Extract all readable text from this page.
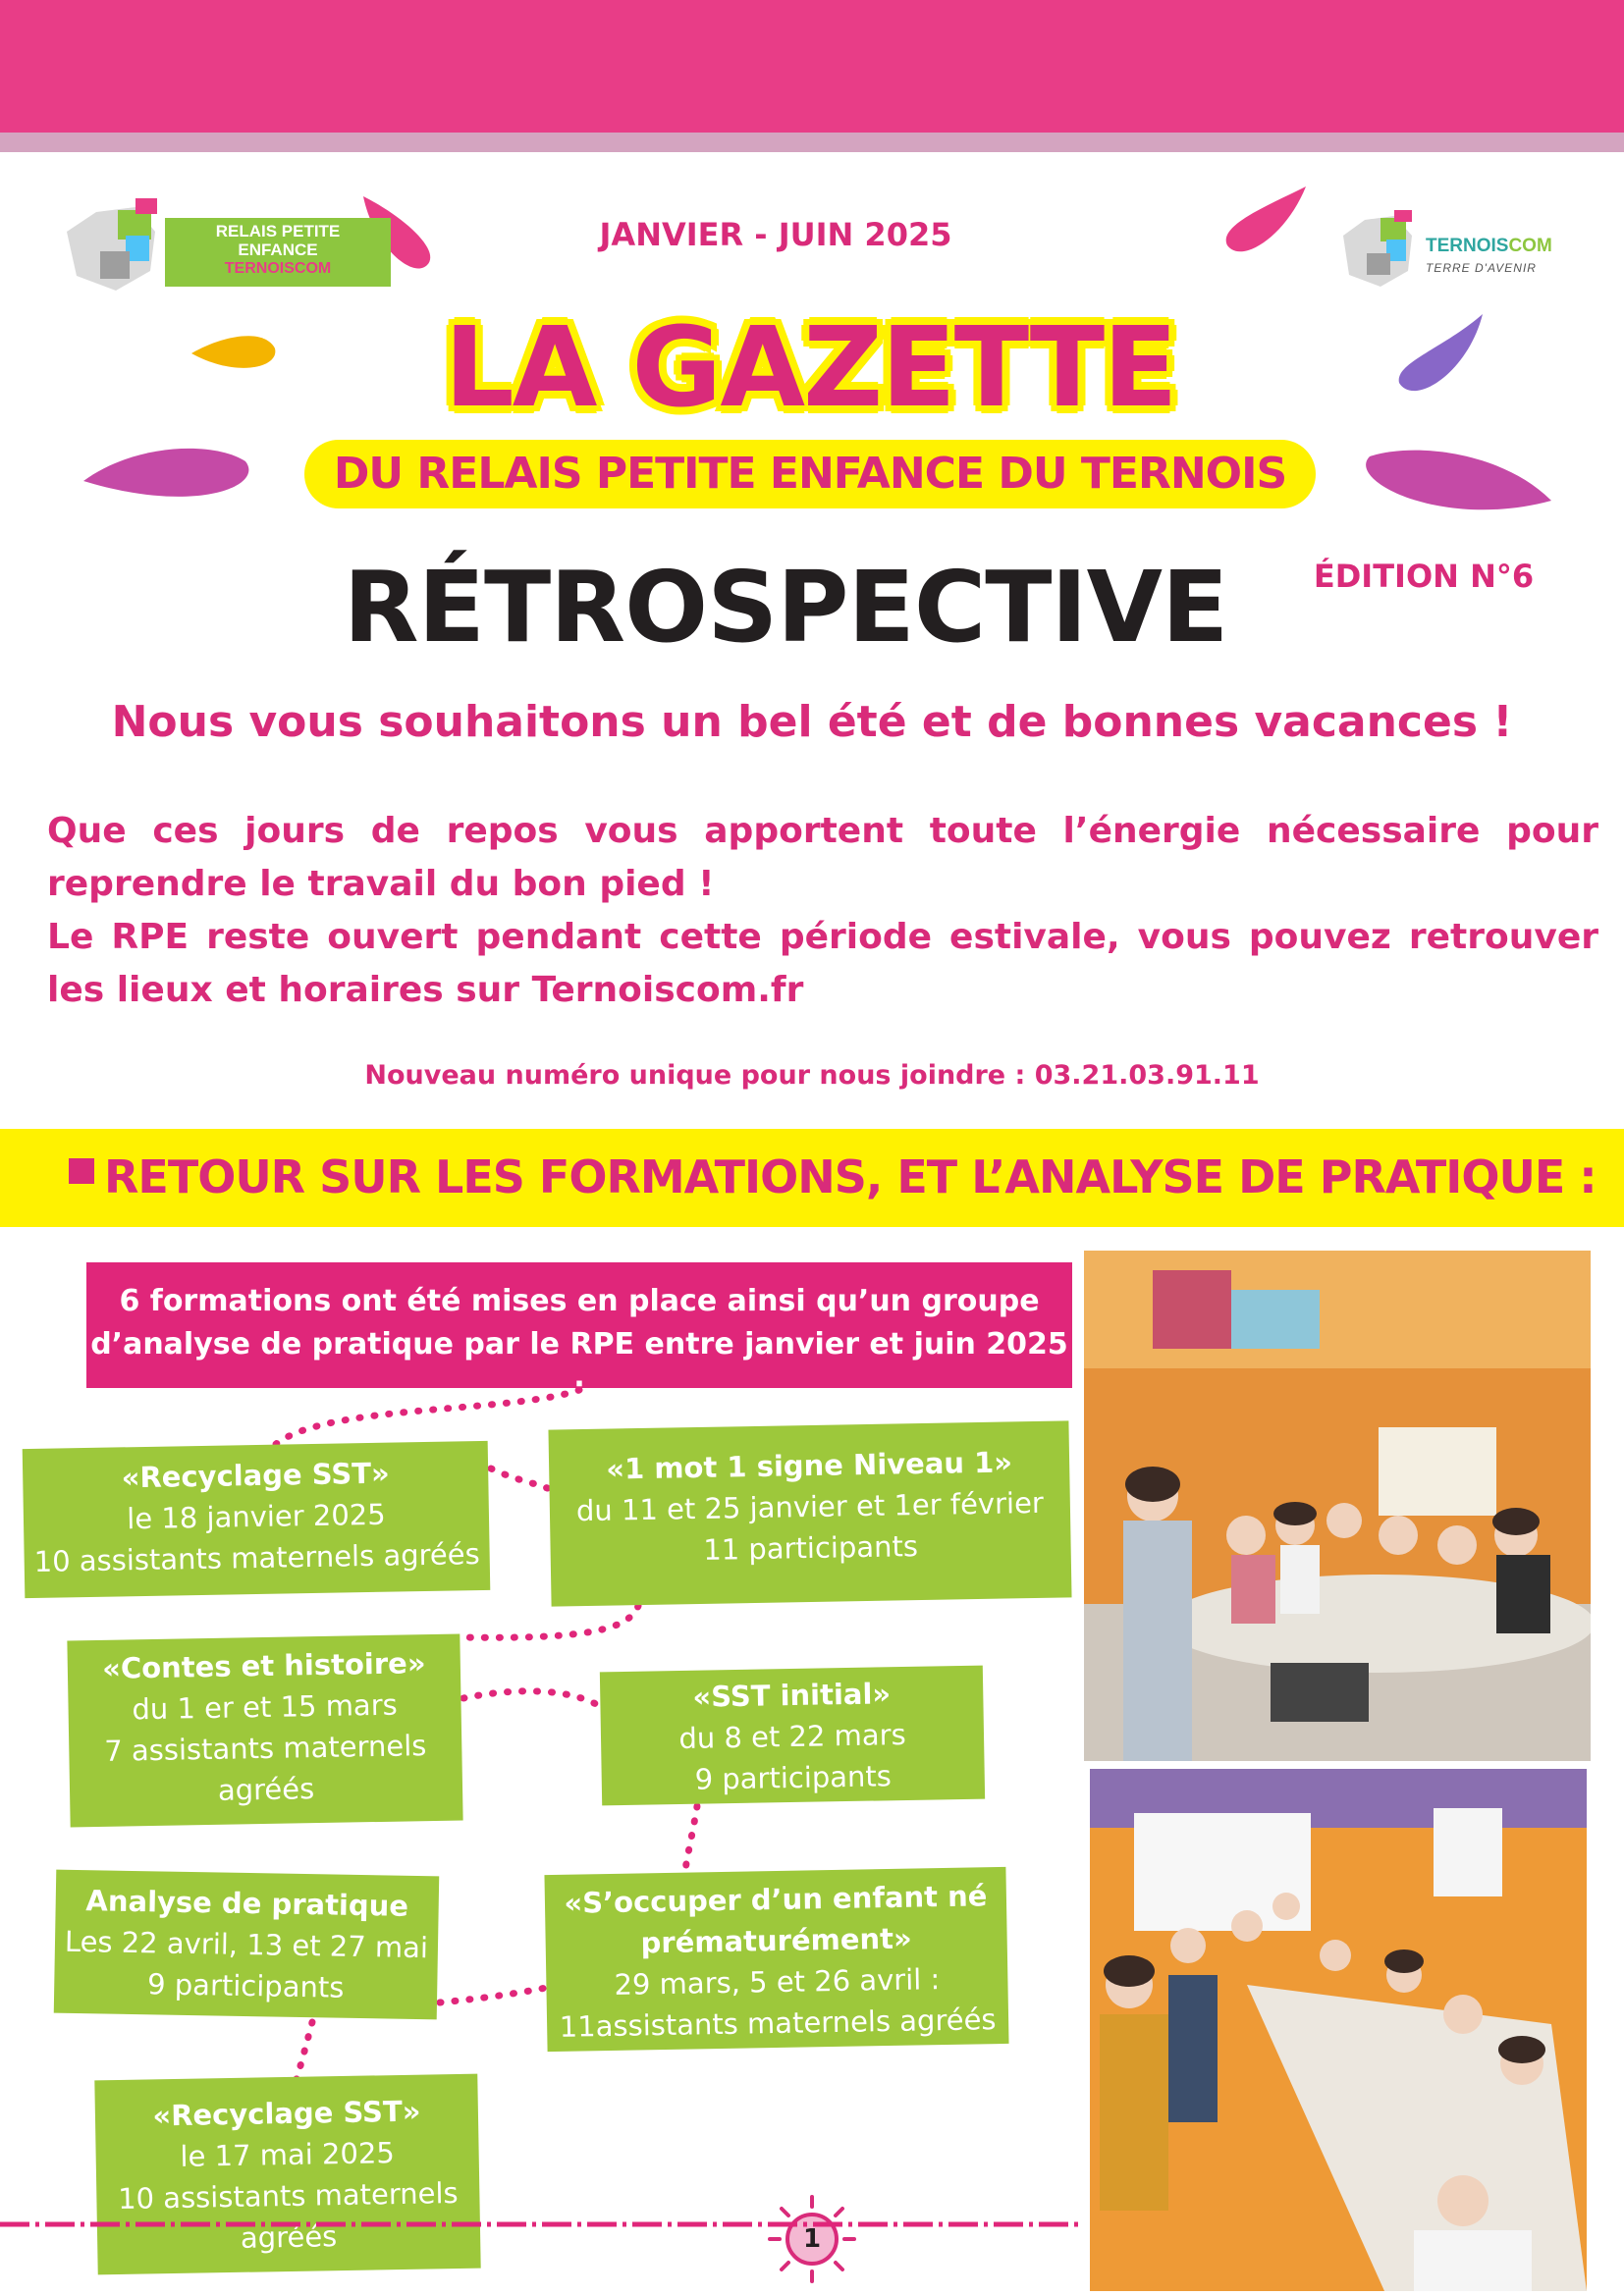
RELAIS PETITE
ENFANCE
TERNOISCOM
TERNOISCOM
TERRE D'AVENIR
JANVIER - JUIN 2025
LA GAZETTE
DU RELAIS PETITE ENFANCE DU TERNOIS
RÉTROSPECTIVE	ÉDITION N°6
Nous vous souhaitons un bel été et de bonnes vacances !

Que ces jours de repos vous apportent toute l’énergie nécessaire pour reprendre le travail du bon pied !

Le RPE reste ouvert pendant cette période estivale, vous pouvez retrouver les lieux et horaires sur Ternoiscom.fr

Nouveau numéro unique pour nous joindre : 03.21.03.91.11
RETOUR SUR LES FORMATIONS, ET L’ANALYSE DE PRATIQUE :
6 formations ont été mises en place ainsi qu’un groupe
d’analyse de pratique par le RPE entre janvier et juin 2025 :
«Recyclage SST»
le 18 janvier 2025
10 assistants maternels agréés
«1 mot 1 signe Niveau 1»
du 11 et 25 janvier et 1er février
11 participants
«Contes et histoire»
du 1 er et 15 mars
7 assistants maternels
agréés
«SST initial»
du 8 et 22 mars
9 participants
Analyse de pratique
Les 22 avril, 13 et 27 mai
9 participants
«S’occuper d’un enfant né
prématurément»
29 mars, 5 et 26 avril :
11assistants maternels agréés
«Recyclage SST»
le 17 mai 2025
10 assistants maternels
agréés	1
